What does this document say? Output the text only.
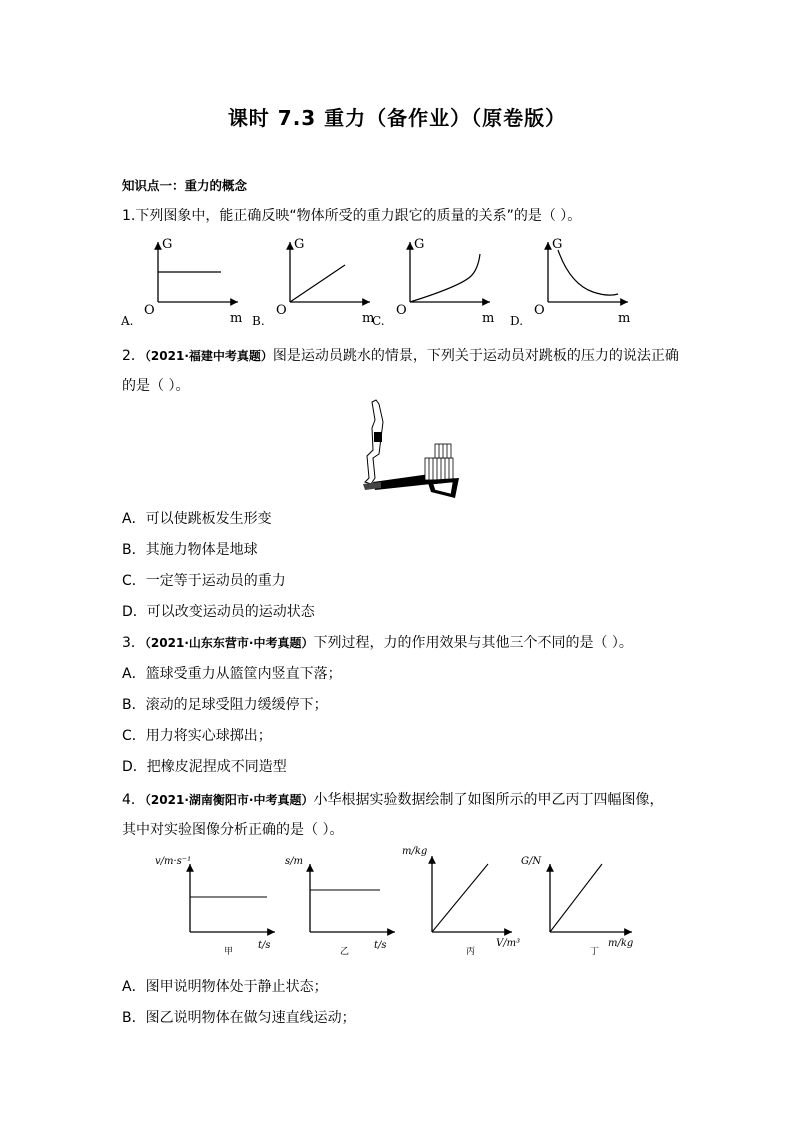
课时 7.3 重力（备作业）（原卷版）
知识点一：重力的概念
1.下列图象中，能正确反映“物体所受的重力跟它的质量的关系”的是（ ）。
G
O
m
A.
G
O
m
B.
G
O
m
C.
G
O
m
D.
2．（2021·福建中考真题）图是运动员跳水的情景，下列关于运动员对跳板的压力的说法正确
的是（ ）。
A．可以使跳板发生形变
B．其施力物体是地球
C．一定等于运动员的重力
D．可以改变运动员的运动状态
3．（2021·山东东营市·中考真题）下列过程，力的作用效果与其他三个不同的是（ ）。
A．篮球受重力从篮筐内竖直下落；
B．滚动的足球受阻力缓缓停下；
C．用力将实心球掷出；
D．把橡皮泥捏成不同造型
4．（2021·湖南衡阳市·中考真题）小华根据实验数据绘制了如图所示的甲乙丙丁四幅图像，
其中对实验图像分析正确的是（ ）。
v/m·s⁻¹
t/s
甲
s/m
t/s
乙
m/kg
V/m³
丙
G/N
m/kg
丁
A．图甲说明物体处于静止状态；
B．图乙说明物体在做匀速直线运动；
